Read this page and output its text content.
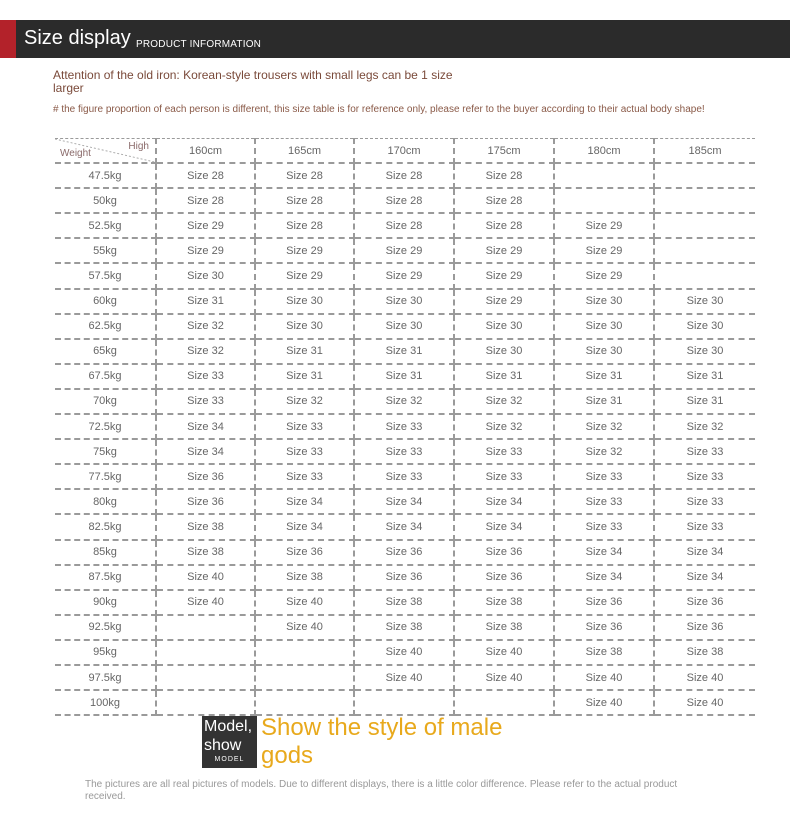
Size display PRODUCT INFORMATION
Attention of the old iron: Korean-style trousers with small legs can be 1 size larger
# the figure proportion of each person is different, this size table is for reference only, please refer to the buyer according to their actual body shape!
Weight
High	160cm	165cm	170cm	175cm	180cm	185cm
47.5kg	Size 28	Size 28	Size 28	Size 28		
50kg	Size 28	Size 28	Size 28	Size 28		
52.5kg	Size 29	Size 28	Size 28	Size 28	Size 29	
55kg	Size 29	Size 29	Size 29	Size 29	Size 29	
57.5kg	Size 30	Size 29	Size 29	Size 29	Size 29	
60kg	Size 31	Size 30	Size 30	Size 29	Size 30	Size 30
62.5kg	Size 32	Size 30	Size 30	Size 30	Size 30	Size 30
65kg	Size 32	Size 31	Size 31	Size 30	Size 30	Size 30
67.5kg	Size 33	Size 31	Size 31	Size 31	Size 31	Size 31
70kg	Size 33	Size 32	Size 32	Size 32	Size 31	Size 31
72.5kg	Size 34	Size 33	Size 33	Size 32	Size 32	Size 32
75kg	Size 34	Size 33	Size 33	Size 33	Size 32	Size 33
77.5kg	Size 36	Size 33	Size 33	Size 33	Size 33	Size 33
80kg	Size 36	Size 34	Size 34	Size 34	Size 33	Size 33
82.5kg	Size 38	Size 34	Size 34	Size 34	Size 33	Size 33
85kg	Size 38	Size 36	Size 36	Size 36	Size 34	Size 34
87.5kg	Size 40	Size 38	Size 36	Size 36	Size 34	Size 34
90kg	Size 40	Size 40	Size 38	Size 38	Size 36	Size 36
92.5kg		Size 40	Size 38	Size 38	Size 36	Size 36
95kg			Size 40	Size 40	Size 38	Size 38
97.5kg			Size 40	Size 40	Size 40	Size 40
100kg					Size 40	Size 40
Model,
show
MODEL
Show the style of male gods
The pictures are all real pictures of models. Due to different displays, there is a little color difference. Please refer to the actual product received.
